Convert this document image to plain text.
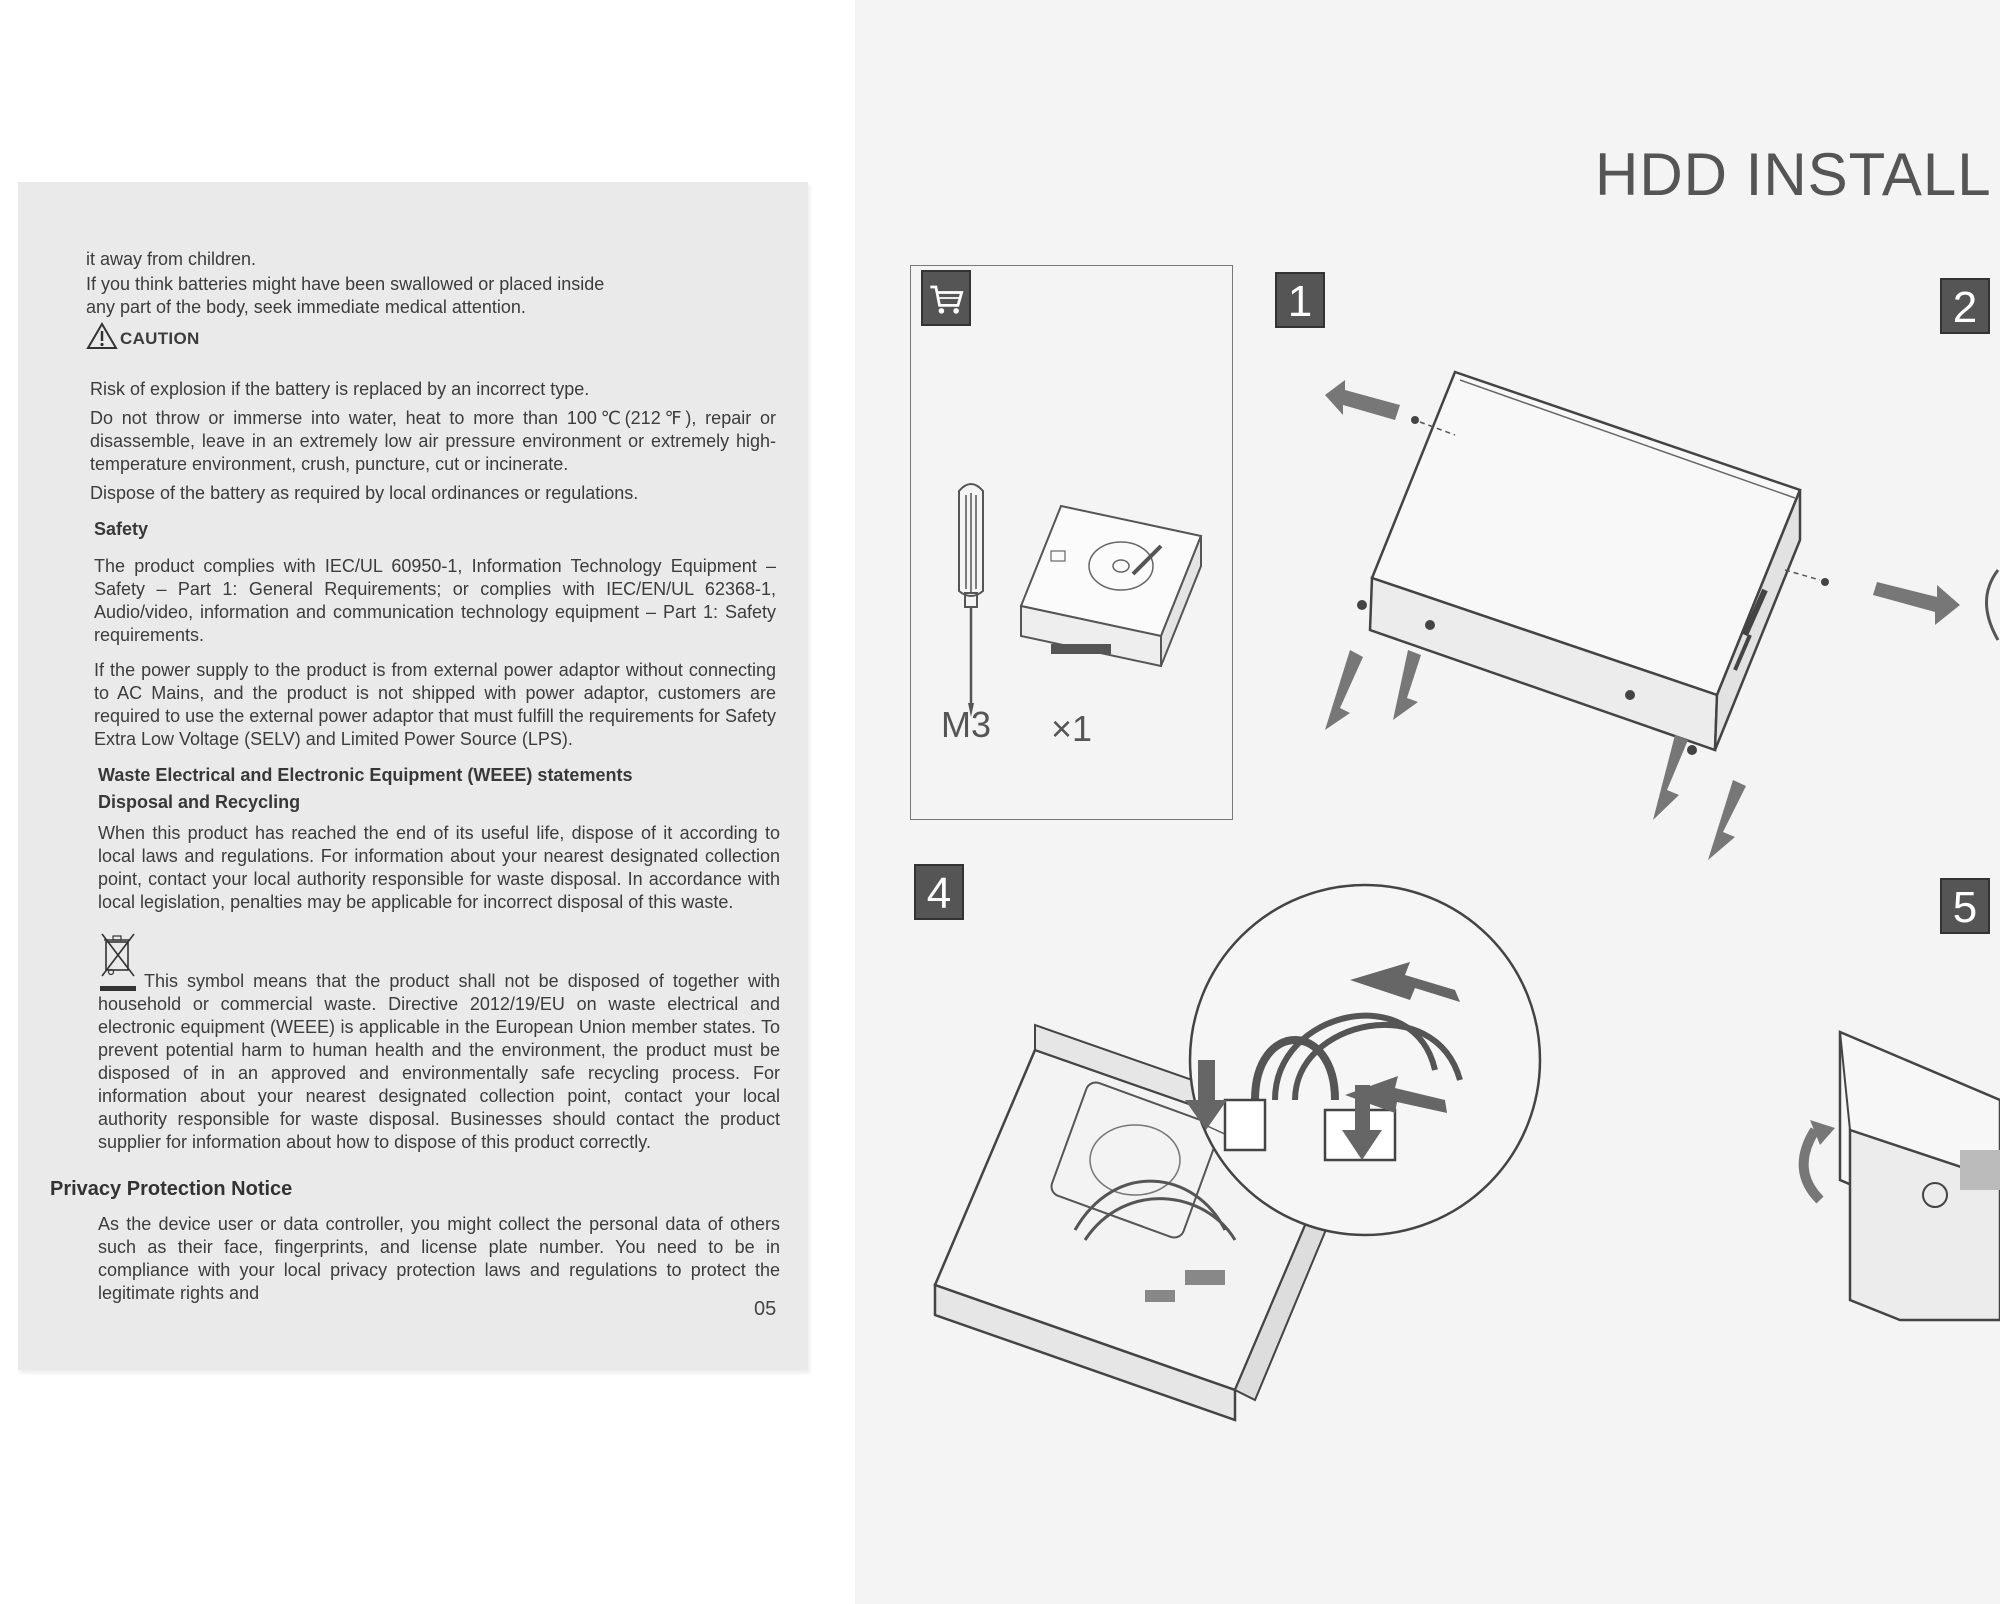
it away from children.

If you think batteries might have been swallowed or placed inside any part of the body, seek immediate medical attention.

CAUTION

Risk of explosion if the battery is replaced by an incorrect type.

Do not throw or immerse into water, heat to more than 100℃(212℉), repair or disassemble, leave in an extremely low air pressure environment or extremely high-temperature environment, crush, puncture, cut or incinerate.

Dispose of the battery as required by local ordinances or regulations.

Safety

The product complies with IEC/UL 60950-1, Information Technology Equipment – Safety – Part 1: General Requirements; or complies with IEC/EN/UL 62368-1, Audio/video, information and communication technology equipment – Part 1: Safety requirements.

If the power supply to the product is from external power adaptor without connecting to AC Mains, and the product is not shipped with power adaptor, customers are required to use the external power adaptor that must fulfill the requirements for Safety Extra Low Voltage (SELV) and Limited Power Source (LPS).

Waste Electrical and Electronic Equipment (WEEE) statements
Disposal and Recycling

When this product has reached the end of its useful life, dispose of it according to local laws and regulations. For information about your nearest designated collection point, contact your local authority responsible for waste disposal. In accordance with local legislation, penalties may be applicable for incorrect disposal of this waste.

This symbol means that the product shall not be disposed of together with household or commercial waste. Directive 2012/19/EU on waste electrical and electronic equipment (WEEE) is applicable in the European Union member states. To prevent potential harm to human health and the environment, the product must be disposed of in an approved and environmentally safe recycling process. For information about your nearest designated collection point, contact your local authority responsible for waste disposal. Businesses should contact the product supplier for information about how to dispose of this product correctly.

Privacy Protection Notice

As the device user or data controller, you might collect the personal data of others such as their face, fingerprints, and license plate number. You need to be in compliance with your local privacy protection laws and regulations to protect the legitimate rights and

05
HDD INSTALL
M3 ×1
1	2
4	5
